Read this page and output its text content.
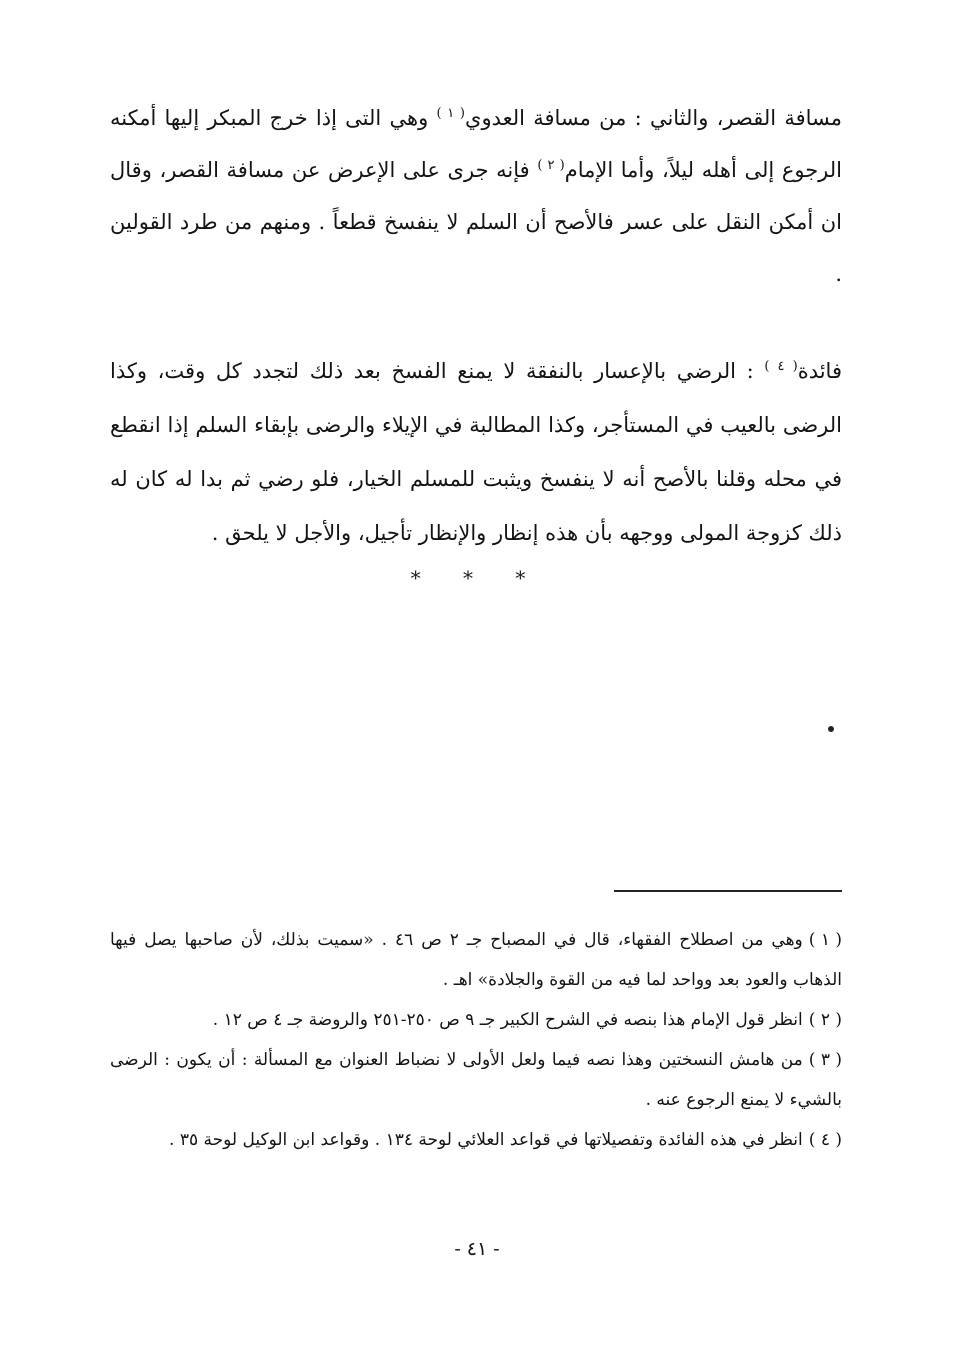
مسافة القصر، والثاني : من مسافة العدوي$^{( ١ )}$ وهي التى إذا خرج المبكر إليها أمكنه الرجوع إلى أهله ليلاً، وأما الإمام$^{( ٢ )}$ فإنه جرى على الإعرض عن مسافة القصر، وقال ان أمكن النقل على عسر فالأصح أن السلم لا ينفسخ قطعاً . ومنهم من طرد القولين .

فائدة$^{( ٤ )}$ : الرضي بالإعسار بالنفقة لا يمنع الفسخ بعد ذلك لتجدد كل وقت، وكذا الرضى بالعيب في المستأجر، وكذا المطالبة في الإيلاء والرضى بإبقاء السلم إذا انقطع في محله وقلنا بالأصح أنه لا ينفسخ ويثبت للمسلم الخيار، فلو رضي ثم بدا له كان له ذلك كزوجة المولى ووجهه بأن هذه إنظار والإنظار تأجيل، والأجل لا يلحق .

* * *

( ١ )وهي من اصطلاح الفقهاء، قال في المصباح جـ ٢ ص ٤٦ . «سميت بذلك، لأن صاحبها يصل فيها الذهاب والعود بعد وواحد لما فيه من القوة والجلادة» اهـ .

( ٢ )انظر قول الإمام هذا بنصه في الشرح الكبير جـ ٩ ص ٢٥٠-٢٥١ والروضة جـ ٤ ص ١٢ .

( ٣ )من هامش النسختين وهذا نصه فيما ولعل الأولى لا نضباط العنوان مع المسألة : أن يكون : الرضى بالشيء لا يمنع الرجوع عنه .

( ٤ )انظر في هذه الفائدة وتفصيلاتها في قواعد العلائي لوحة ١٣٤ . وقواعد ابن الوكيل لوحة ٣٥ .

- ٤١ -
